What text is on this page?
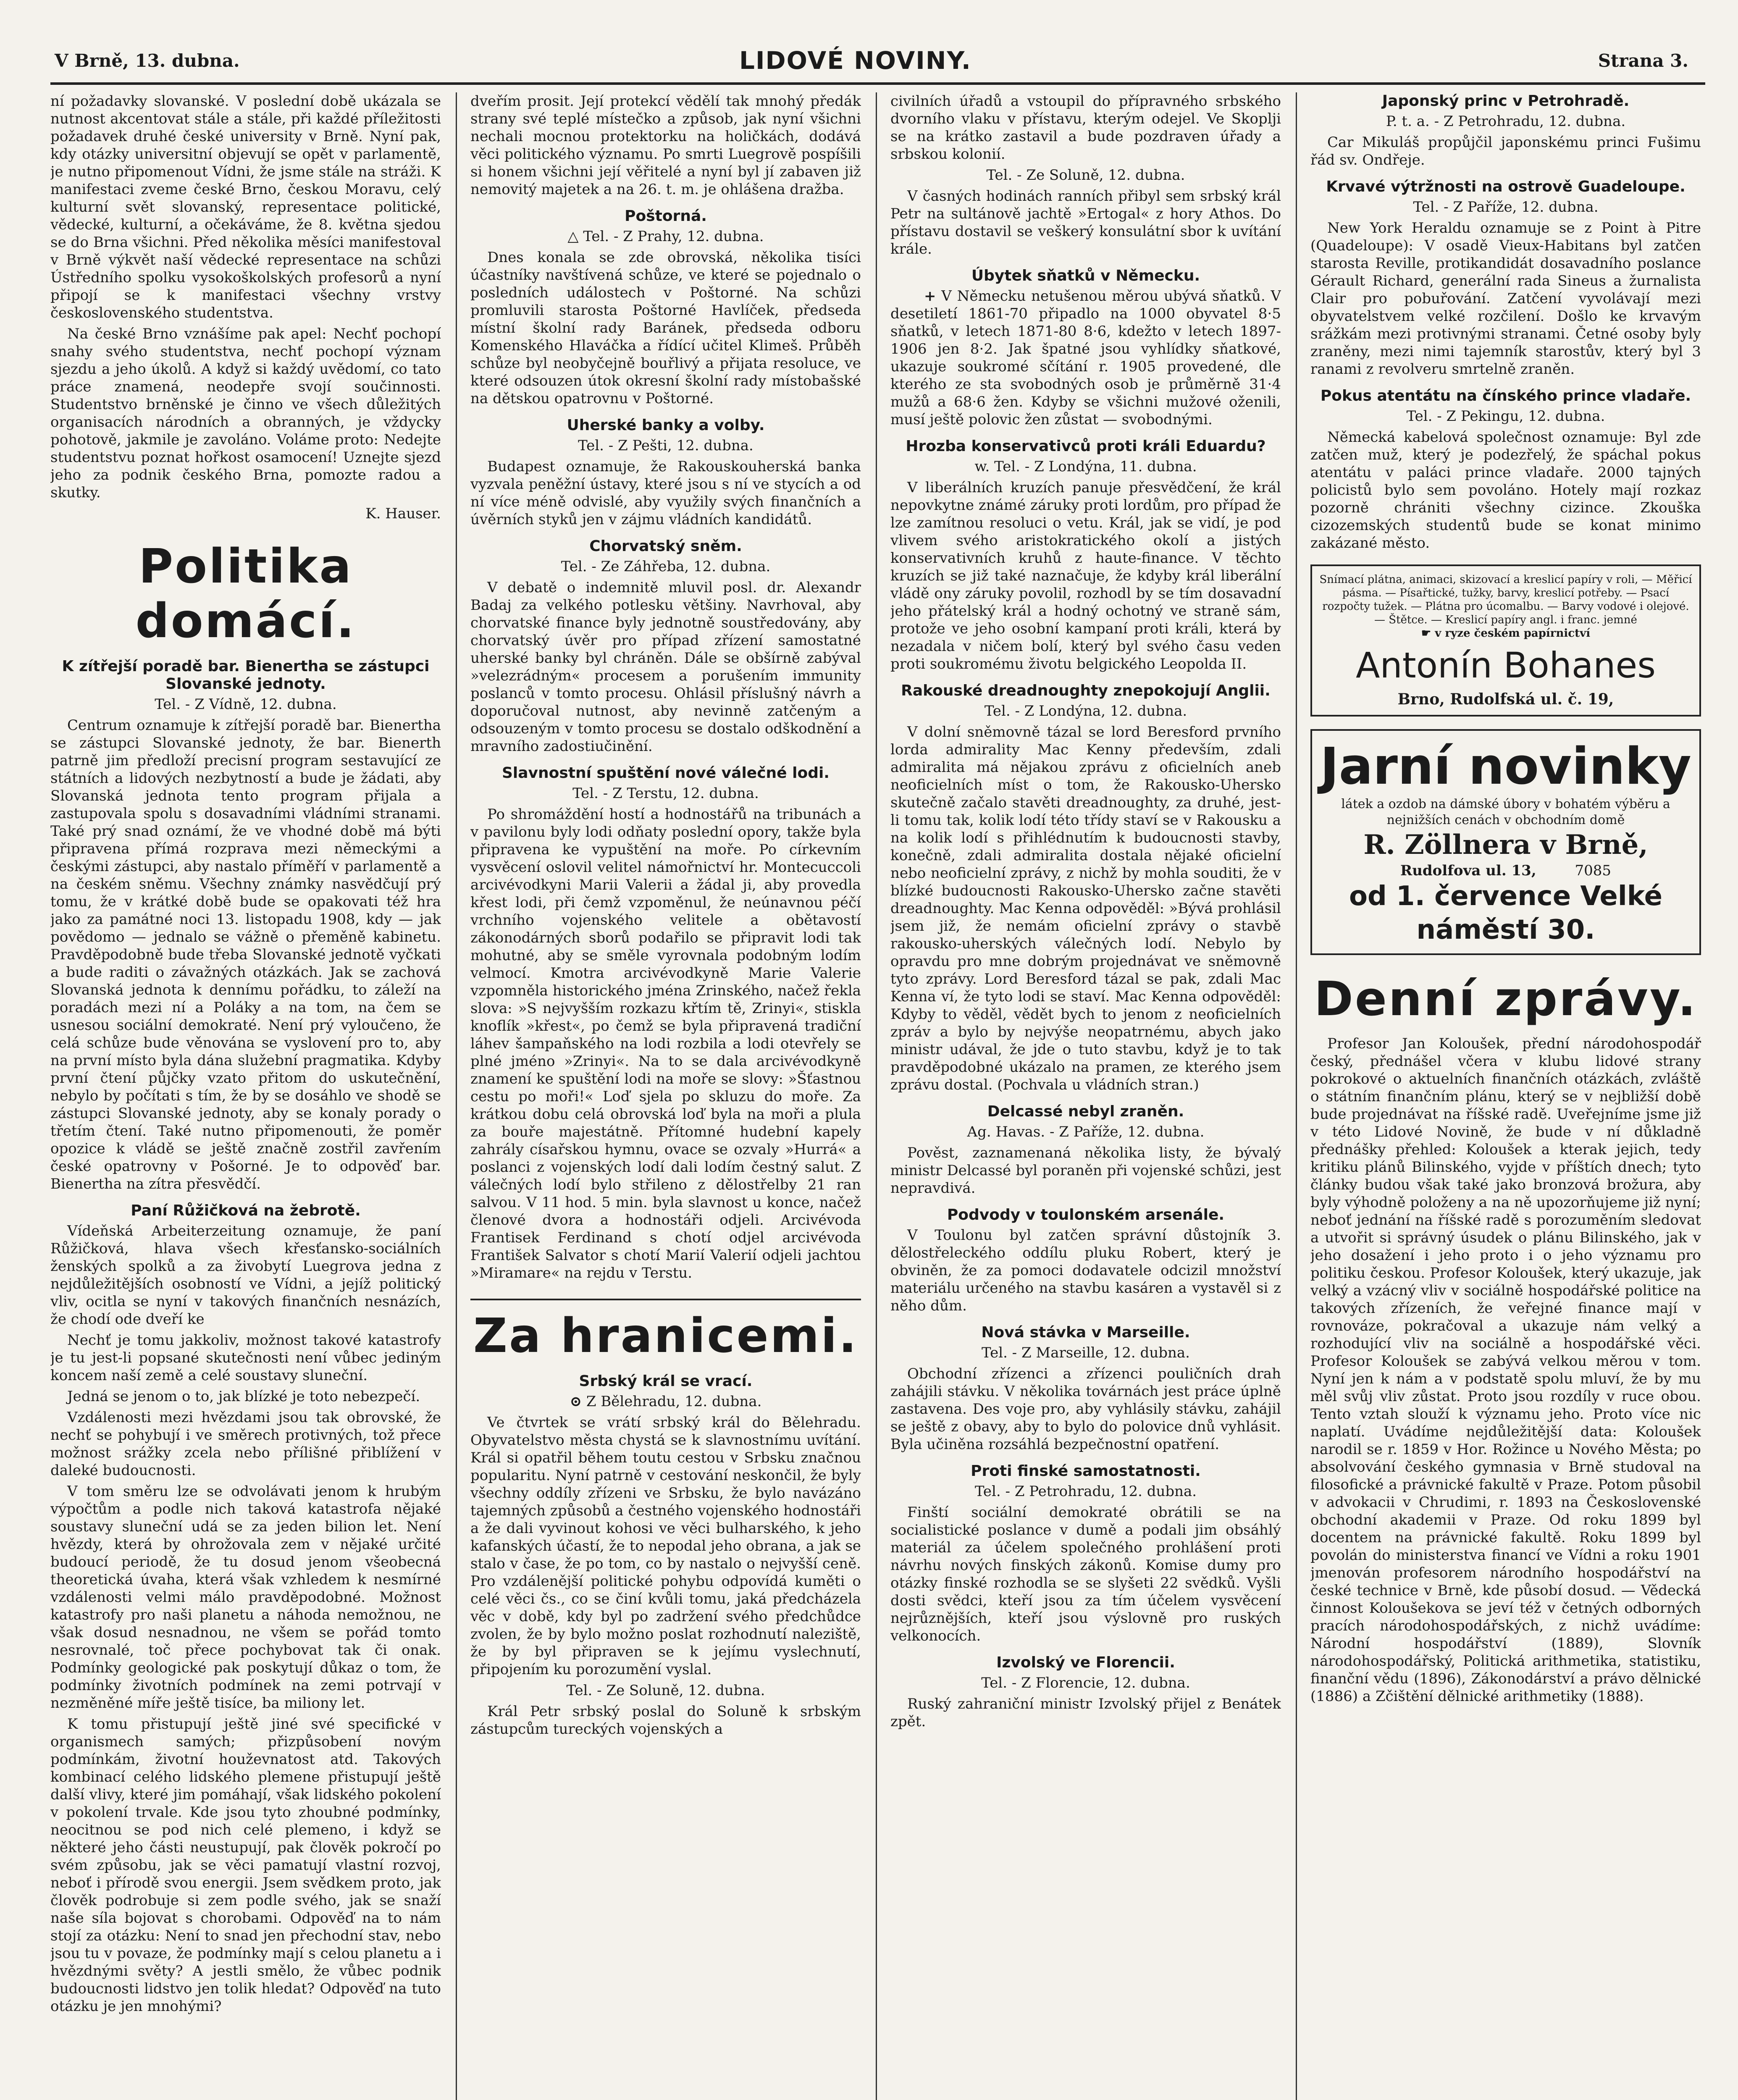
V Brně, 13. dubna.	LIDOVÉ NOVINY.	Strana 3.

ní požadavky slovanské. V poslední době ukázala se nutnost akcentovat stále a stále, při každé příležitosti požadavek druhé české university v Brně. Nyní pak, kdy otázky universitní objevují se opět v parlamentě, je nutno připomenout Vídni, že jsme stále na stráži. K manifestaci zveme české Brno, českou Moravu, celý kulturní svět slovanský, representace politické, vědecké, kulturní, a očekáváme, že 8. května sjedou se do Brna všichni. Před několika měsíci manifestoval v Brně výkvět naší vědecké representace na schůzi Ústředního spolku vysokoškolských profesorů a nyní připojí se k manifestaci všechny vrstvy československého studentstva.

Na české Brno vznášíme pak apel: Nechť pochopí snahy svého studentstva, nechť pochopí význam sjezdu a jeho úkolů. A když si každý uvědomí, co tato práce znamená, neodepře svojí součinnosti. Studentstvo brněnské je činno ve všech důležitých organisacích národních a obranných, je vždycky pohotově, jakmile je zavoláno. Voláme proto: Nedejte studentstvu poznat hořkost osamocení! Uznejte sjezd jeho za podnik českého Brna, pomozte radou a skutky.

K. Hauser.

Politika domácí.
K zítřejší poradě bar. Bienertha se zástupci Slovanské jednoty.
Tel. - Z Vídně, 12. dubna.

Centrum oznamuje k zítřejší poradě bar. Bienertha se zástupci Slovanské jednoty, že bar. Bienerth patrně jim předloží precisní program sestavující ze státních a lidových nezbytností a bude je žádati, aby Slovanská jednota tento program přijala a zastupovala spolu s dosavadními vládními stranami. Také prý snad oznámí, že ve vhodné době má býti připravena přímá rozprava mezi německými a českými zástupci, aby nastalo příměří v parlamentě a na českém sněmu. Všechny známky nasvědčují prý tomu, že v krátké době bude se opakovati též hra jako za památné noci 13. listopadu 1908, kdy — jak povědomo — jednalo se vážně o přeměně kabinetu. Pravděpodobně bude třeba Slovanské jednotě vyčkati a bude raditi o závažných otázkách. Jak se zachová Slovanská jednota k dennímu pořádku, to záleží na poradách mezi ní a Poláky a na tom, na čem se usnesou sociální demokraté. Není prý vyloučeno, že celá schůze bude věnována se vyslovení pro to, aby na první místo byla dána služební pragmatika. Kdyby první čtení půjčky vzato přitom do uskutečnění, nebylo by počítati s tím, že by se dosáhlo ve shodě se zástupci Slovanské jednoty, aby se konaly porady o třetím čtení. Také nutno připomenouti, že poměr opozice k vládě se ještě značně zostřil zavřením české opatrovny v Pošorné. Je to odpověď bar. Bienertha na zítra přesvědčí.

Paní Růžičková na žebrotě.

Vídeňská Arbeiterzeitung oznamuje, že paní Růžičková, hlava všech křesťansko-sociálních ženských spolků a za živobytí Luegrova jedna z nejdůležitějších osobností ve Vídni, a jejíž politický vliv, ocitla se nyní v takových finančních nesnázích, že chodí ode dveří ke

Nechť je tomu jakkoliv, možnost takové katastrofy je tu jest-li popsané skutečnosti není vůbec jediným koncem naší země a celé soustavy sluneční.

Jedná se jenom o to, jak blízké je toto nebezpečí.

Vzdálenosti mezi hvězdami jsou tak obrovské, že nechť se pohybují i ve směrech protivných, tož přece možnost srážky zcela nebo přílišné přiblížení v daleké budoucnosti.

V tom směru lze se odvolávati jenom k hrubým výpočtům a podle nich taková katastrofa nějaké soustavy sluneční udá se za jeden bilion let. Není hvězdy, která by ohrožovala zem v nějaké určité budoucí periodě, že tu dosud jenom všeobecná theoretická úvaha, která však vzhledem k nesmírné vzdálenosti velmi málo pravděpodobné. Možnost katastrofy pro naši planetu a náhoda nemožnou, ne však dosud nesnadnou, ne všem se pořád tomto nesrovnalé, toč přece pochybovat tak či onak. Podmínky geologické pak poskytují důkaz o tom, že podmínky životních podmínek na zemi potrvají v nezměněné míře ještě tisíce, ba miliony let.

K tomu přistupují ještě jiné své specifické v organismech samých; přizpůsobení novým podmínkám, životní houževnatost atd. Takových kombinací celého lidského plemene přistupují ještě další vlivy, které jim pomáhají, však lidského pokolení v pokolení trvale. Kde jsou tyto zhoubné podmínky, neocitnou se pod nich celé plemeno, i když se některé jeho části neustupují, pak člověk pokročí po svém způsobu, jak se věci pamatují vlastní rozvoj, neboť i přírodě svou energii. Jsem svědkem proto, jak člověk podrobuje si zem podle svého, jak se snaží naše síla bojovat s chorobami. Odpověď na to nám stojí za otázku: Není to snad jen přechodní stav, nebo jsou tu v povaze, že podmínky mají s celou planetu a i hvězdnými světy? A jestli smělo, že vůbec podnik budoucnosti lidstvo jen tolik hledat? Odpověď na tuto otázku je jen mnohými?

dveřím prosit. Její protekcí vědělí tak mnohý předák strany své teplé místečko a způsob, jak nyní všichni nechali mocnou protektorku na holičkách, dodává věci politického významu. Po smrti Luegrově pospíšili si honem všichni její věřitelé a nyní byl jí zabaven již nemovitý majetek a na 26. t. m. je ohlášena dražba.

Poštorná.
△ Tel. - Z Prahy, 12. dubna.

Dnes konala se zde obrovská, několika tisíci účastníky navštívená schůze, ve které se pojednalo o posledních událostech v Poštorné. Na schůzi promluvili starosta Poštorné Havlíček, předseda místní školní rady Baránek, předseda odboru Komenského Hlaváčka a řídící učitel Klimeš. Průběh schůze byl neobyčejně bouřlivý a přijata resoluce, ve které odsouzen útok okresní školní rady místobašské na dětskou opatrovnu v Poštorné.

Uherské banky a volby.
Tel. - Z Pešti, 12. dubna.

Budapest oznamuje, že Rakouskouherská banka vyzvala peněžní ústavy, které jsou s ní ve stycích a od ní více méně odvislé, aby využily svých finančních a úvěrních styků jen v zájmu vládních kandidátů.

Chorvatský sněm.
Tel. - Ze Záhřeba, 12. dubna.

V debatě o indemnitě mluvil posl. dr. Alexandr Badaj za velkého potlesku většiny. Navrhoval, aby chorvatské finance byly jednotně soustředovány, aby chorvatský úvěr pro případ zřízení samostatné uherské banky byl chráněn. Dále se obšírně zabýval »velezrádným« procesem a porušením immunity poslanců v tomto procesu. Ohlásil příslušný návrh a doporučoval nutnost, aby nevinně zatčeným a odsouzeným v tomto procesu se dostalo odškodnění a mravního zadostiučinění.

Slavnostní spuštění nové válečné lodi.
Tel. - Z Terstu, 12. dubna.

Po shromáždění hostí a hodnostářů na tribunách a v pavilonu byly lodi odňaty poslední opory, takže byla připravena ke vypuštění na moře. Po církevním vysvěcení oslovil velitel námořnictví hr. Montecuccoli arcivévodkyni Marii Valerii a žádal ji, aby provedla křest lodi, při čemž vzpoměnul, že neúnavnou péčí vrchního vojenského velitele a obětavostí zákonodárných sborů podařilo se připravit lodi tak mohutné, aby se směle vyrovnala podobným lodím velmocí. Kmotra arcivévodkyně Marie Valerie vzpomněla historického jména Zrinského, načež řekla slova: »S nejvyšším rozkazu křtím tě, Zrinyi«, stiskla knoflík »křest«, po čemž se byla připravená tradiční láhev šampaňského na lodi rozbila a lodi otevřely se plné jméno »Zrinyi«. Na to se dala arcivévodkyně znamení ke spuštění lodi na moře se slovy: »Šťastnou cestu po moři!« Loď sjela po skluzu do moře. Za krátkou dobu celá obrovská loď byla na moři a plula za bouře majestátně. Přítomné hudební kapely zahrály císařskou hymnu, ovace se ozvaly »Hurrá« a poslanci z vojenských lodí dali lodím čestný salut. Z válečných lodí bylo střileno z dělostřelby 21 ran salvou. V 11 hod. 5 min. byla slavnost u konce, načež členové dvora a hodnostáři odjeli. Arcivévoda Frantisek Ferdinand s chotí odjel arcivévoda František Salvator s chotí Marií Valerií odjeli jachtou »Miramare« na rejdu v Terstu.

Za hranicemi.
Srbský král se vrací.
⊙ Z Bělehradu, 12. dubna.

Ve čtvrtek se vrátí srbský král do Bělehradu. Obyvatelstvo města chystá se k slavnostnímu uvítání. Král si opatřil během toutu cestou v Srbsku značnou popularitu. Nyní patrně v cestování neskončil, že byly všechny oddíly zřízeni ve Srbsku, že bylo navázáno tajemných způsobů a čestného vojenského hodnostáři a že dali vyvinout kohosi ve věci bulharského, k jeho kafanských účastí, že to nepodal jeho obrana, a jak se stalo v čase, že po tom, co by nastalo o nejvyšší ceně. Pro vzdálenější politické pohybu odpovídá kuměti o celé věci čs., co se činí kvůli tomu, jaká předcházela věc v době, kdy byl po zadržení svého předchůdce zvolen, že by bylo možno poslat rozhodnutí naleziště, že by byl připraven se k jejímu vyslechnutí, připojením ku porozumění vyslal.

Tel. - Ze Soluně, 12. dubna.

Král Petr srbský poslal do Soluně k srbským zástupcům tureckých vojenských a

civilních úřadů a vstoupil do přípravného srbského dvorního vlaku v přístavu, kterým odejel. Ve Skoplji se na krátko zastavil a bude pozdraven úřady a srbskou kolonií.

Tel. - Ze Soluně, 12. dubna.

V časných hodinách ranních přibyl sem srbský král Petr na sultánově jachtě »Ertogal« z hory Athos. Do přístavu dostavil se veškerý konsulátní sbor k uvítání krále.

Úbytek sňatků v Německu.

+ V Německu netušenou měrou ubývá sňatků. V desetiletí 1861-70 připadlo na 1000 obyvatel 8·5 sňatků, v letech 1871-80 8·6, kdežto v letech 1897-1906 jen 8·2. Jak špatné jsou vyhlídky sňatkové, ukazuje soukromé sčítání r. 1905 provedené, dle kterého ze sta svobodných osob je průměrně 31·4 mužů a 68·6 žen. Kdyby se všichni mužové oženili, musí ještě polovic žen zůstat — svobodnými.

Hrozba konservativců proti králi Eduardu?
w. Tel. - Z Londýna, 11. dubna.

V liberálních kruzích panuje přesvědčení, že král nepovkytne známé záruky proti lordům, pro případ že lze zamítnou resoluci o vetu. Král, jak se vidí, je pod vlivem svého aristokratického okolí a jistých konservativních kruhů z haute-finance. V těchto kruzích se již také naznačuje, že kdyby král liberální vládě ony záruky povolil, rozhodl by se tím dosavadní jeho přátelský král a hodný ochotný ve straně sám, protože ve jeho osobní kampaní proti králi, která by nezadala v ničem bolí, který byl svého času veden proti soukromému životu belgického Leopolda II.

Rakouské dreadnoughty znepokojují Anglii.
Tel. - Z Londýna, 12. dubna.

V dolní sněmovně tázal se lord Beresford prvního lorda admirality Mac Kenny především, zdali admiralita má nějakou zprávu z oficielních aneb neoficielních míst o tom, že Rakousko-Uhersko skutečně začalo stavěti dreadnoughty, za druhé, jest-li tomu tak, kolik lodí této třídy staví se v Rakousku a na kolik lodí s přihlédnutím k budoucnosti stavby, konečně, zdali admiralita dostala nějaké oficielní nebo neoficielní zprávy, z nichž by mohla souditi, že v blízké budoucnosti Rakousko-Uhersko začne stavěti dreadnoughty. Mac Kenna odpověděl: »Bývá prohlásil jsem již, že nemám oficielní zprávy o stavbě rakousko-uherských válečných lodí. Nebylo by opravdu pro mne dobrým projednávat ve sněmovně tyto zprávy. Lord Beresford tázal se pak, zdali Mac Kenna ví, že tyto lodi se staví. Mac Kenna odpověděl: Kdyby to věděl, vědět bych to jenom z neoficielních zpráv a bylo by nejvýše neopatrnému, abych jako ministr udával, že jde o tuto stavbu, když je to tak pravděpodobné ukázalo na pramen, ze kterého jsem zprávu dostal. (Pochvala u vládních stran.)

Delcassé nebyl zraněn.
Ag. Havas. - Z Paříže, 12. dubna.

Pověst, zaznamenaná několika listy, že bývalý ministr Delcassé byl poraněn při vojenské schůzi, jest nepravdivá.

Podvody v toulonském arsenále.

V Toulonu byl zatčen správní důstojník 3. dělostřeleckého oddílu pluku Robert, který je obviněn, že za pomoci dodavatele odcizil množství materiálu určeného na stavbu kasáren a vystavěl si z něho dům.

Nová stávka v Marseille.
Tel. - Z Marseille, 12. dubna.

Obchodní zřízenci a zřízenci pouličních drah zahájili stávku. V několika továrnách jest práce úplně zastavena. Des voje pro, aby vyhlásily stávku, zahájil se ještě z obavy, aby to bylo do polovice dnů vyhlásit. Byla učiněna rozsáhlá bezpečnostní opatření.

Proti finské samostatnosti.
Tel. - Z Petrohradu, 12. dubna.

Finští sociální demokraté obrátili se na socialistické poslance v dumě a podali jim obsáhlý materiál za účelem společného prohlášení proti návrhu nových finských zákonů. Komise dumy pro otázky finské rozhodla se se slyšeti 22 svědků. Vyšli dosti svědci, kteří jsou za tím účelem vysvěcení nejrůznějších, kteří jsou výslovně pro ruských velkonocích.

Izvolský ve Florencii.
Tel. - Z Florencie, 12. dubna.

Ruský zahraniční ministr Izvolský přijel z Benátek zpět.

Japonský princ v Petrohradě.
P. t. a. - Z Petrohradu, 12. dubna.

Car Mikuláš propůjčil japonskému princi Fušimu řád sv. Ondřeje.

Krvavé výtržnosti na ostrově Guadeloupe.
Tel. - Z Paříže, 12. dubna.

New York Heraldu oznamuje se z Point à Pitre (Quadeloupe): V osadě Vieux-Habitans byl zatčen starosta Reville, protikandidát dosavadního poslance Gérault Richard, generální rada Sineus a žurnalista Clair pro pobuřování. Zatčení vyvolávají mezi obyvatelstvem velké rozčilení. Došlo ke krvavým srážkám mezi protivnými stranami. Četné osoby byly zraněny, mezi nimi tajemník starostův, který byl 3 ranami z revolveru smrtelně zraněn.

Pokus atentátu na čínského prince vladaře.
Tel. - Z Pekingu, 12. dubna.

Německá kabelová společnost oznamuje: Byl zde zatčen muž, který je podezřelý, že spáchal pokus atentátu v paláci prince vladaře. 2000 tajných policistů bylo sem povoláno. Hotely mají rozkaz pozorně chrániti všechny cizince. Zkouška cizozemských studentů bude se konat minimo zakázané město.

Snímací plátna, animaci, skizovací a kreslicí papíry v roli, — Měřicí pásma. — Písařtické, tužky, barvy, kreslicí potřeby. — Psací
rozpočty tužek. — Plátna pro úcomalbu. — Barvy vodové i olejové. — Štětce. — Kreslicí papíry angl. i franc. jemné
☛ v ryze českém papírnictví
Antonín Bohanes
Brno, Rudolfská ul. č. 19,
Jarní novinky
látek a ozdob na dámské úbory v bohatém výběru a nejnižších cenách v obchodním domě
R. Zöllnera v Brně,
Rudolfova ul. 13,	7085
od 1. července Velké náměstí 30.
Denní zprávy.

Profesor Jan Koloušek, přední národohospodář český, přednášel včera v klubu lidové strany pokrokové o aktuelních finančních otázkách, zvláště o státním finančním plánu, který se v nejbližší době bude projednávat na říšské radě. Uveřejníme jsme již v této Lidové Novině, že bude v ní důkladně přednášky přehled: Koloušek a kterak jejich, tedy kritiku plánů Bilinského, vyjde v příštích dnech; tyto články budou však také jako bronzová brožura, aby byly výhodně položeny a na ně upozorňujeme již nyní; neboť jednání na říšské radě s porozuměním sledovat a utvořit si správný úsudek o plánu Bilinského, jak v jeho dosažení i jeho proto i o jeho významu pro politiku českou. Profesor Koloušek, který ukazuje, jak velký a vzácný vliv v sociálně hospodářské politice na takových zřízeních, že veřejné finance mají v rovnováze, pokračoval a ukazuje nám velký a rozhodující vliv na sociálně a hospodářské věci. Profesor Koloušek se zabývá velkou měrou v tom. Nyní jen k nám a v podstatě spolu mluví, že by mu měl svůj vliv zůstat. Proto jsou rozdíly v ruce obou. Tento vztah slouží k významu jeho. Proto více nic naplatí. Uvádíme nejdůležitější data: Koloušek narodil se r. 1859 v Hor. Rožince u Nového Města; po absolvování českého gymnasia v Brně studoval na filosofické a právnické fakultě v Praze. Potom působil v advokacii v Chrudimi, r. 1893 na Československé obchodní akademii v Praze. Od roku 1899 byl docentem na právnické fakultě. Roku 1899 byl povolán do ministerstva financí ve Vídni a roku 1901 jmenován profesorem národního hospodářství na české technice v Brně, kde působí dosud. — Vědecká činnost Koloušekova se jeví též v četných odborných pracích národohospodářských, z nichž uvádíme: Národní hospodářství (1889), Slovník národohospodářský, Politická arithmetika, statistiku, finanční vědu (1896), Zákonodárství a právo dělnické (1886) a Zčištění dělnické arithmetiky (1888).
